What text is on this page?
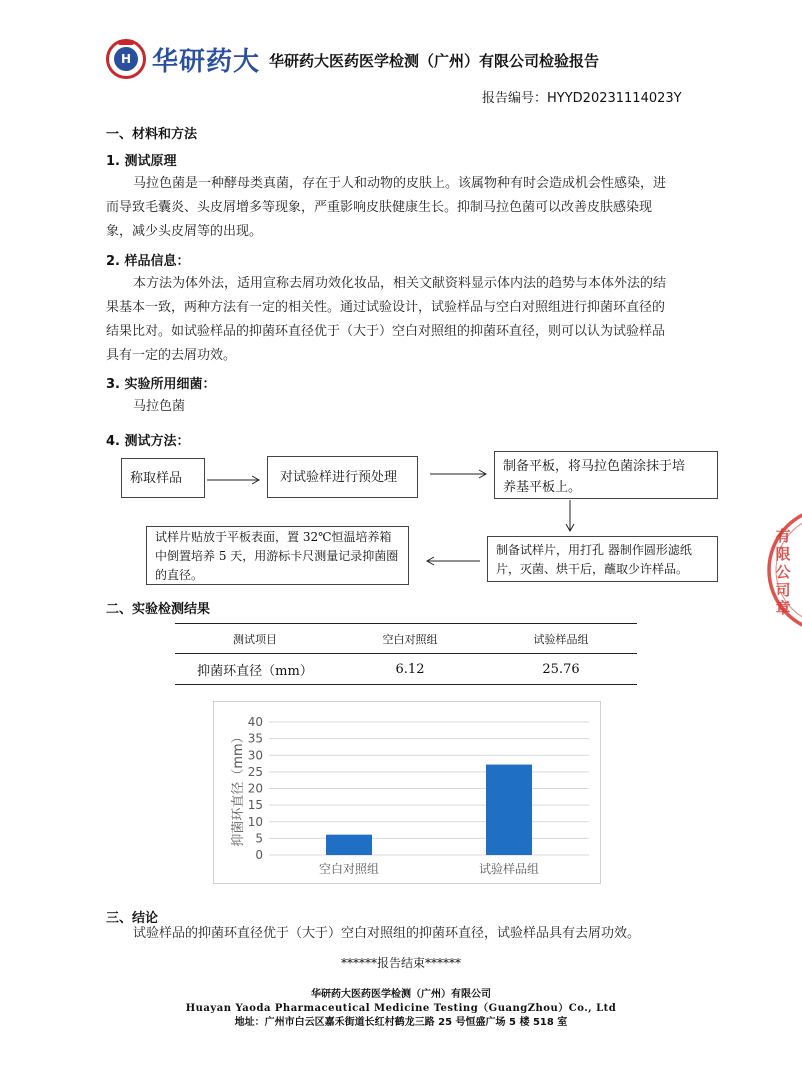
H 华研药大 华研药大医药医学检测（广州）有限公司检验报告
报告编号：HYYD20231114023Y
一、材料和方法
1. 测试原理

马拉色菌是一种酵母类真菌，存在于人和动物的皮肤上。该属物种有时会造成机会性感染，进

而导致毛囊炎、头皮屑增多等现象，严重影响皮肤健康生长。抑制马拉色菌可以改善皮肤感染现

象，减少头皮屑等的出现。

2. 样品信息：

本方法为体外法，适用宣称去屑功效化妆品，相关文献资料显示体内法的趋势与本体外法的结

果基本一致，两种方法有一定的相关性。通过试验设计，试验样品与空白对照组进行抑菌环直径的

结果比对。如试验样品的抑菌环直径优于（大于）空白对照组的抑菌环直径，则可以认为试验样品

具有一定的去屑功效。

3. 实验所用细菌：

马拉色菌

4. 测试方法：
称取样品	对试验样进行预处理
制备平板，将马拉色菌涂抹于培
养基平板上。
制备试样片，用打孔 器制作圆形滤纸
片，灭菌、烘干后，蘸取少许样品。
试样片贴放于平板表面，置 32℃恒温培养箱
中倒置培养 5 天，用游标卡尺测量记录抑菌圈
的直径。
二、实验检测结果
测试项目	空白对照组	试验样品组
抑菌环直径（mm）	6.12	25.76
0
5
10
15
20
25
30
35
40
空白对照组	试验样品组
抑菌环直径（mm）
三、结论

试验样品的抑菌环直径优于（大于）空白对照组的抑菌环直径，试验样品具有去屑功效。

******报告结束******
华研药大医药医学检测（广州）有限公司
Huayan Yaoda Pharmaceutical Medicine Testing（GuangZhou）Co., Ltd
地址：广州市白云区嘉禾街道长红村鹤龙三路 25 号恒盛广场 5 楼 518 室
有限公司章
